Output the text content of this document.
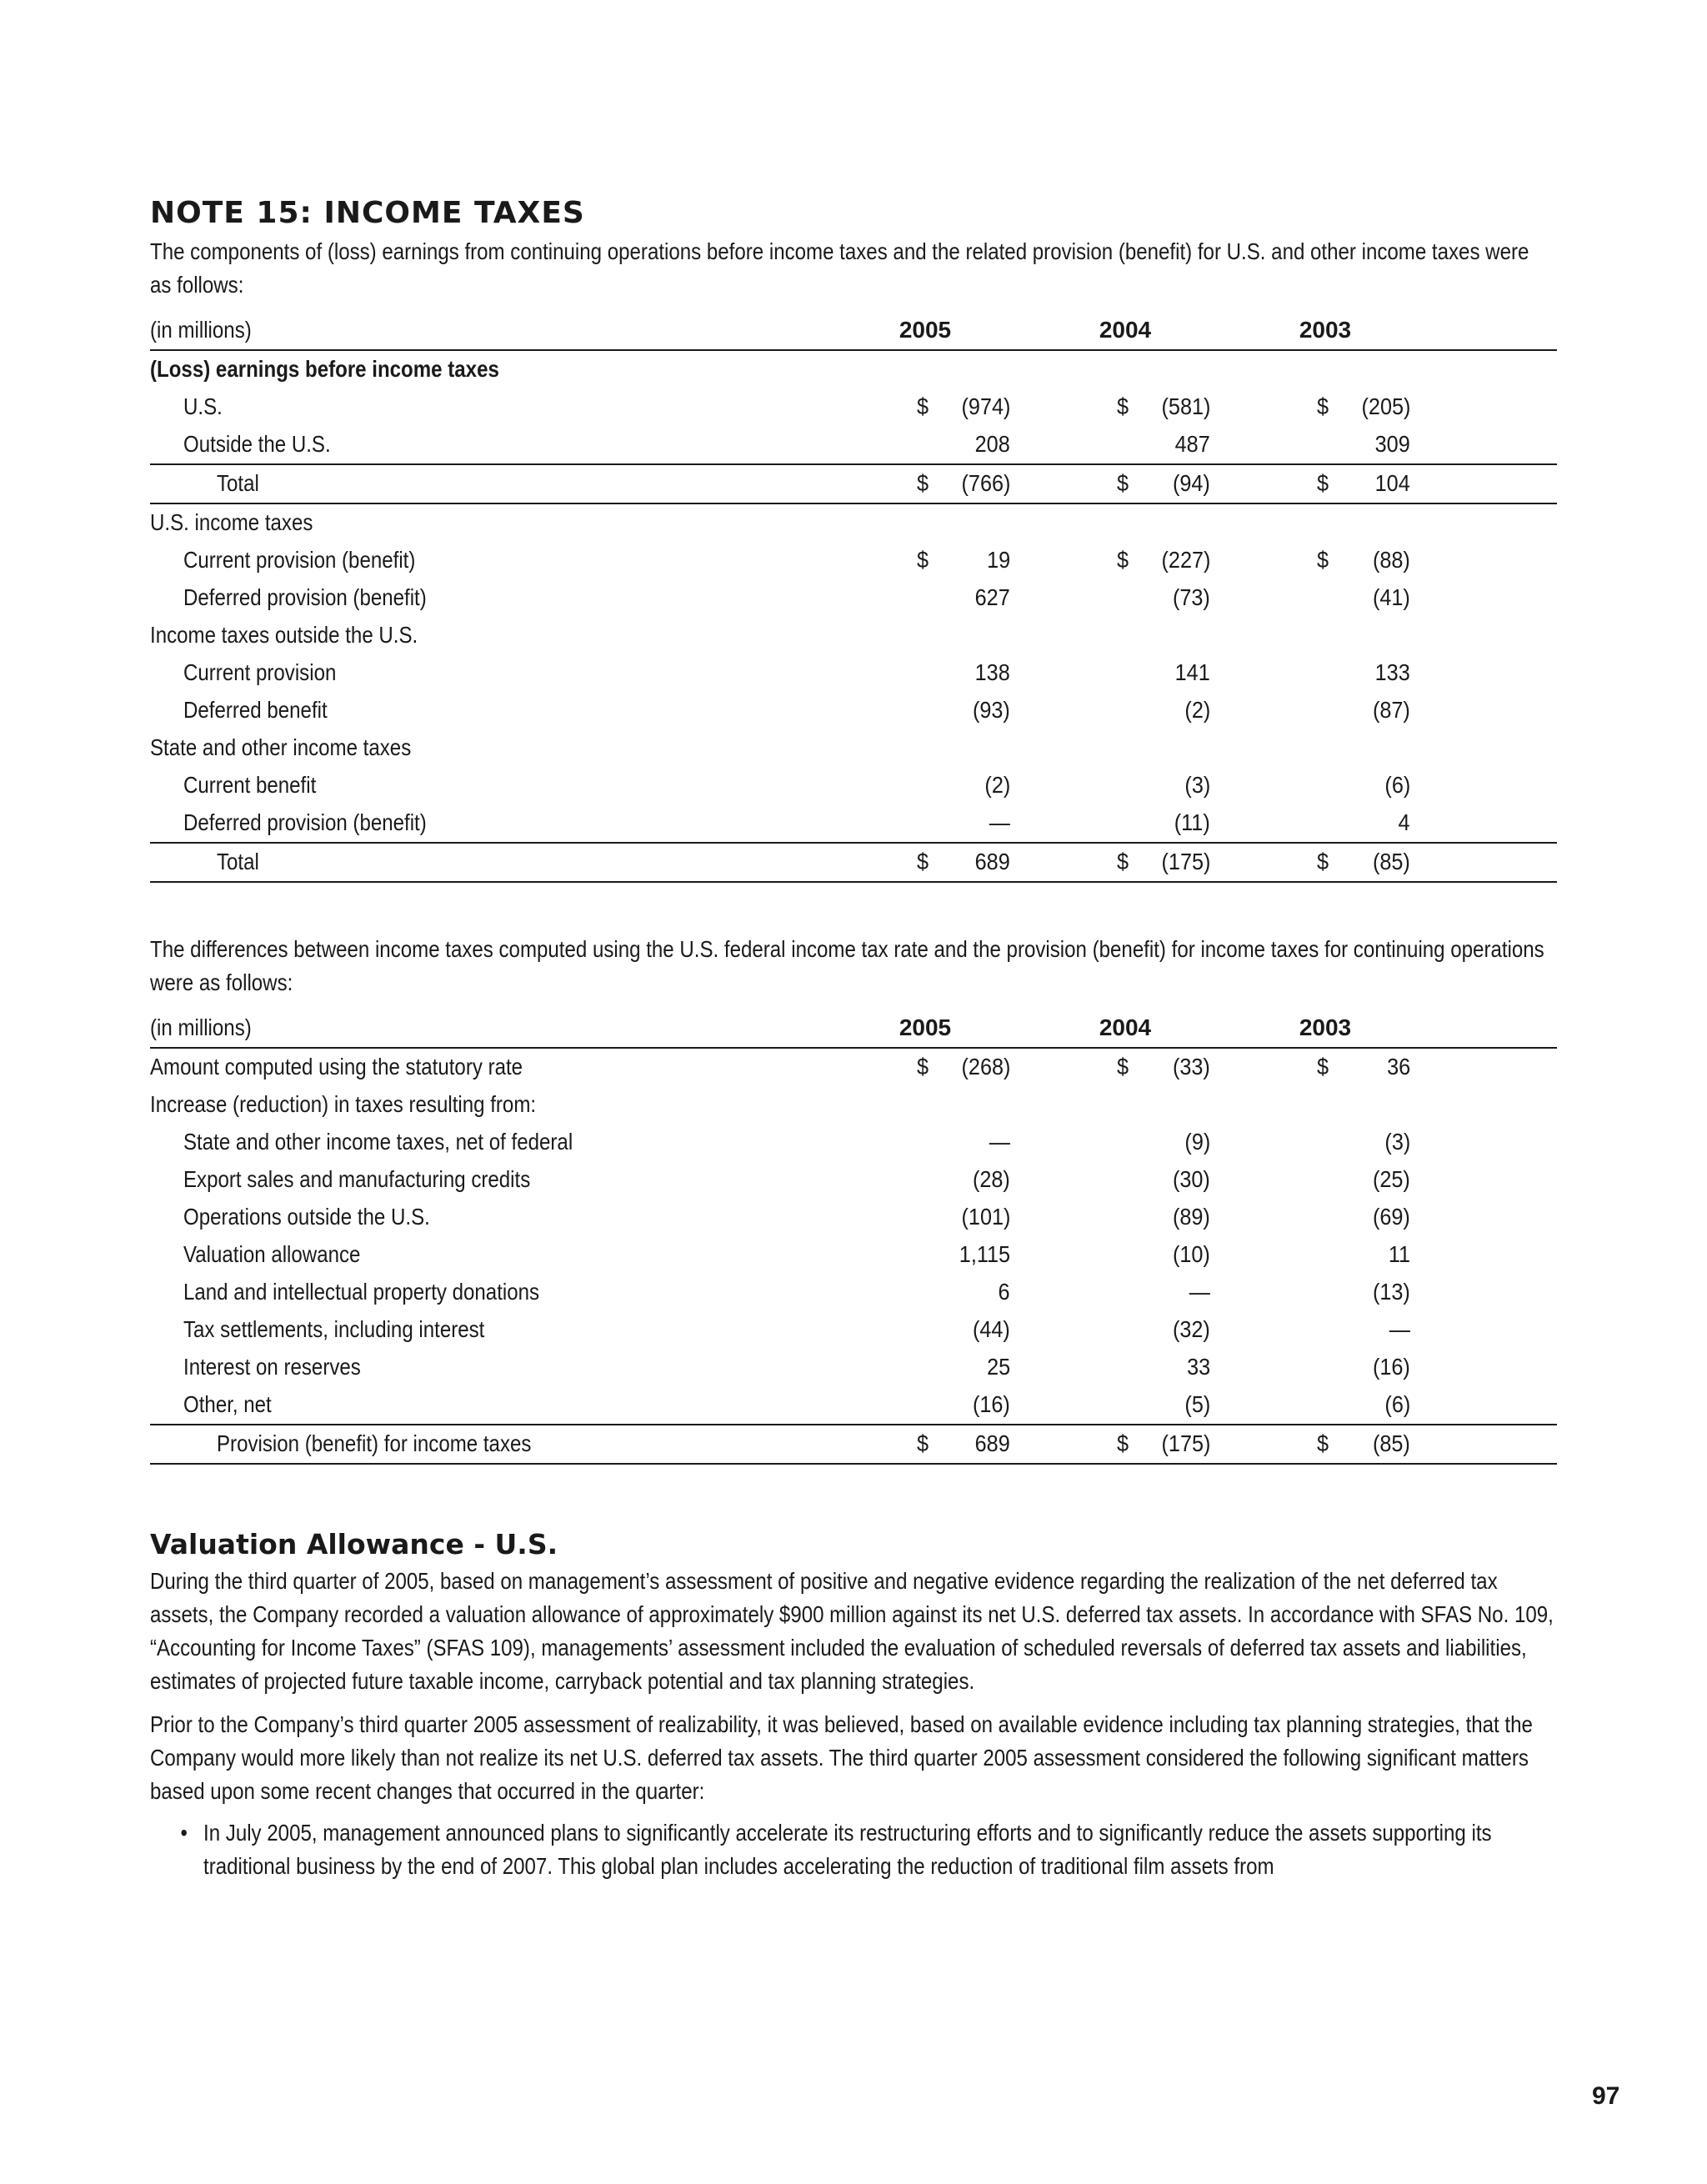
NOTE 15: INCOME TAXES

The components of (loss) earnings from continuing operations before income taxes and the related provision (benefit) for U.S. and other income taxes were as follows:

(in millions)	2005	2004	2003	
(Loss) earnings before income taxes				
U.S.	$ (974)	$ (581)	$ (205)	

Outside the U.S.	208	487	309	

Total	$ (766)	$ (94)	$ 104	

U.S. income taxes				
Current provision (benefit)	$ 19	$ (227)	$ (88)	

Deferred provision (benefit)	627	(73)	(41)	

Income taxes outside the U.S.				
Current provision	138	141	133	

Deferred benefit	(93)	(2)	(87)	

State and other income taxes				
Current benefit	(2)	(3)	(6)	

Deferred provision (benefit)	—	(11)	4	

Total	$ 689	$ (175)	$ (85)	

The differences between income taxes computed using the U.S. federal income tax rate and the provision (benefit) for income taxes for continuing operations were as follows:

(in millions)	2005	2004	2003	
Amount computed using the statutory rate	$ (268)	$ (33)	$ 36	

Increase (reduction) in taxes resulting from:				
State and other income taxes, net of federal	—	(9)	(3)	

Export sales and manufacturing credits	(28)	(30)	(25)	

Operations outside the U.S.	(101)	(89)	(69)	

Valuation allowance	1,115	(10)	11	

Land and intellectual property donations	6	—	(13)	

Tax settlements, including interest	(44)	(32)	—	

Interest on reserves	25	33	(16)	

Other, net	(16)	(5)	(6)	

Provision (benefit) for income taxes	$ 689	$ (175)	$ (85)	

Valuation Allowance - U.S.

During the third quarter of 2005, based on management’s assessment of positive and negative evidence regarding the realization of the net deferred tax assets, the Company recorded a valuation allowance of approximately $900 million against its net U.S. deferred tax assets. In accordance with SFAS No. 109, “Accounting for Income Taxes” (SFAS 109), managements’ assessment included the evaluation of scheduled reversals of deferred tax assets and liabilities, estimates of projected future taxable income, carryback potential and tax planning strategies.

Prior to the Company’s third quarter 2005 assessment of realizability, it was believed, based on available evidence including tax planning strategies, that the Company would more likely than not realize its net U.S. deferred tax assets. The third quarter 2005 assessment considered the following significant matters based upon some recent changes that occurred in the quarter:

• In July 2005, management announced plans to significantly accelerate its restructuring efforts and to significantly reduce the assets supporting its traditional business by the end of 2007. This global plan includes accelerating the reduction of traditional film assets from
97
